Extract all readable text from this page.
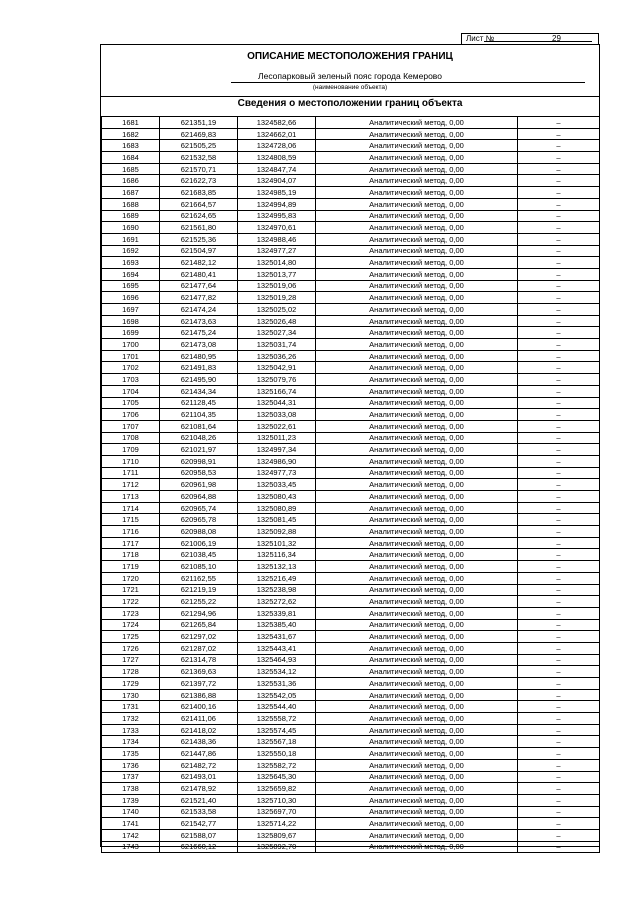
Лист №	29
ОПИСАНИЕ МЕСТОПОЛОЖЕНИЯ ГРАНИЦ
Лесопарковый зеленый пояс города Кемерово
(наименование объекта)
Сведения о местоположении границ объекта
1681	621351,19	1324582,66	Аналитический метод, 0,00	–
1682	621469,83	1324662,01	Аналитический метод, 0,00	–
1683	621505,25	1324728,06	Аналитический метод, 0,00	–
1684	621532,58	1324808,59	Аналитический метод, 0,00	–
1685	621570,71	1324847,74	Аналитический метод, 0,00	–
1686	621622,73	1324904,07	Аналитический метод, 0,00	–
1687	621683,85	1324985,19	Аналитический метод, 0,00	–
1688	621664,57	1324994,89	Аналитический метод, 0,00	–
1689	621624,65	1324995,83	Аналитический метод, 0,00	–
1690	621561,80	1324970,61	Аналитический метод, 0,00	–
1691	621525,36	1324988,46	Аналитический метод, 0,00	–
1692	621504,97	1324977,27	Аналитический метод, 0,00	–
1693	621482,12	1325014,80	Аналитический метод, 0,00	–
1694	621480,41	1325013,77	Аналитический метод, 0,00	–
1695	621477,64	1325019,06	Аналитический метод, 0,00	–
1696	621477,82	1325019,28	Аналитический метод, 0,00	–
1697	621474,24	1325025,02	Аналитический метод, 0,00	–
1698	621473,63	1325026,48	Аналитический метод, 0,00	–
1699	621475,24	1325027,34	Аналитический метод, 0,00	–
1700	621473,08	1325031,74	Аналитический метод, 0,00	–
1701	621480,95	1325036,26	Аналитический метод, 0,00	–
1702	621491,83	1325042,91	Аналитический метод, 0,00	–
1703	621495,90	1325079,76	Аналитический метод, 0,00	–
1704	621434,34	1325166,74	Аналитический метод, 0,00	–
1705	621128,45	1325044,31	Аналитический метод, 0,00	–
1706	621104,35	1325033,08	Аналитический метод, 0,00	–
1707	621081,64	1325022,61	Аналитический метод, 0,00	–
1708	621048,26	1325011,23	Аналитический метод, 0,00	–
1709	621021,97	1324997,34	Аналитический метод, 0,00	–
1710	620998,91	1324986,90	Аналитический метод, 0,00	–
1711	620958,53	1324977,73	Аналитический метод, 0,00	–
1712	620961,98	1325033,45	Аналитический метод, 0,00	–
1713	620964,88	1325080,43	Аналитический метод, 0,00	–
1714	620965,74	1325080,89	Аналитический метод, 0,00	–
1715	620965,78	1325081,45	Аналитический метод, 0,00	–
1716	620988,08	1325092,88	Аналитический метод, 0,00	–
1717	621006,19	1325101,32	Аналитический метод, 0,00	–
1718	621038,45	1325116,34	Аналитический метод, 0,00	–
1719	621085,10	1325132,13	Аналитический метод, 0,00	–
1720	621162,55	1325216,49	Аналитический метод, 0,00	–
1721	621219,19	1325238,98	Аналитический метод, 0,00	–
1722	621255,22	1325272,62	Аналитический метод, 0,00	–
1723	621294,96	1325339,81	Аналитический метод, 0,00	–
1724	621265,84	1325385,40	Аналитический метод, 0,00	–
1725	621297,02	1325431,67	Аналитический метод, 0,00	–
1726	621287,02	1325443,41	Аналитический метод, 0,00	–
1727	621314,78	1325464,93	Аналитический метод, 0,00	–
1728	621369,63	1325534,12	Аналитический метод, 0,00	–
1729	621397,72	1325531,36	Аналитический метод, 0,00	–
1730	621386,88	1325542,05	Аналитический метод, 0,00	–
1731	621400,16	1325544,40	Аналитический метод, 0,00	–
1732	621411,06	1325558,72	Аналитический метод, 0,00	–
1733	621418,02	1325574,45	Аналитический метод, 0,00	–
1734	621438,36	1325567,18	Аналитический метод, 0,00	–
1735	621447,86	1325550,18	Аналитический метод, 0,00	–
1736	621482,72	1325582,72	Аналитический метод, 0,00	–
1737	621493,01	1325645,30	Аналитический метод, 0,00	–
1738	621478,92	1325659,82	Аналитический метод, 0,00	–
1739	621521,40	1325710,30	Аналитический метод, 0,00	–
1740	621533,58	1325697,70	Аналитический метод, 0,00	–
1741	621542,77	1325714,22	Аналитический метод, 0,00	–
1742	621588,07	1325809,67	Аналитический метод, 0,00	–
1743	621660,12	1325892,70	Аналитический метод, 0,00	–
